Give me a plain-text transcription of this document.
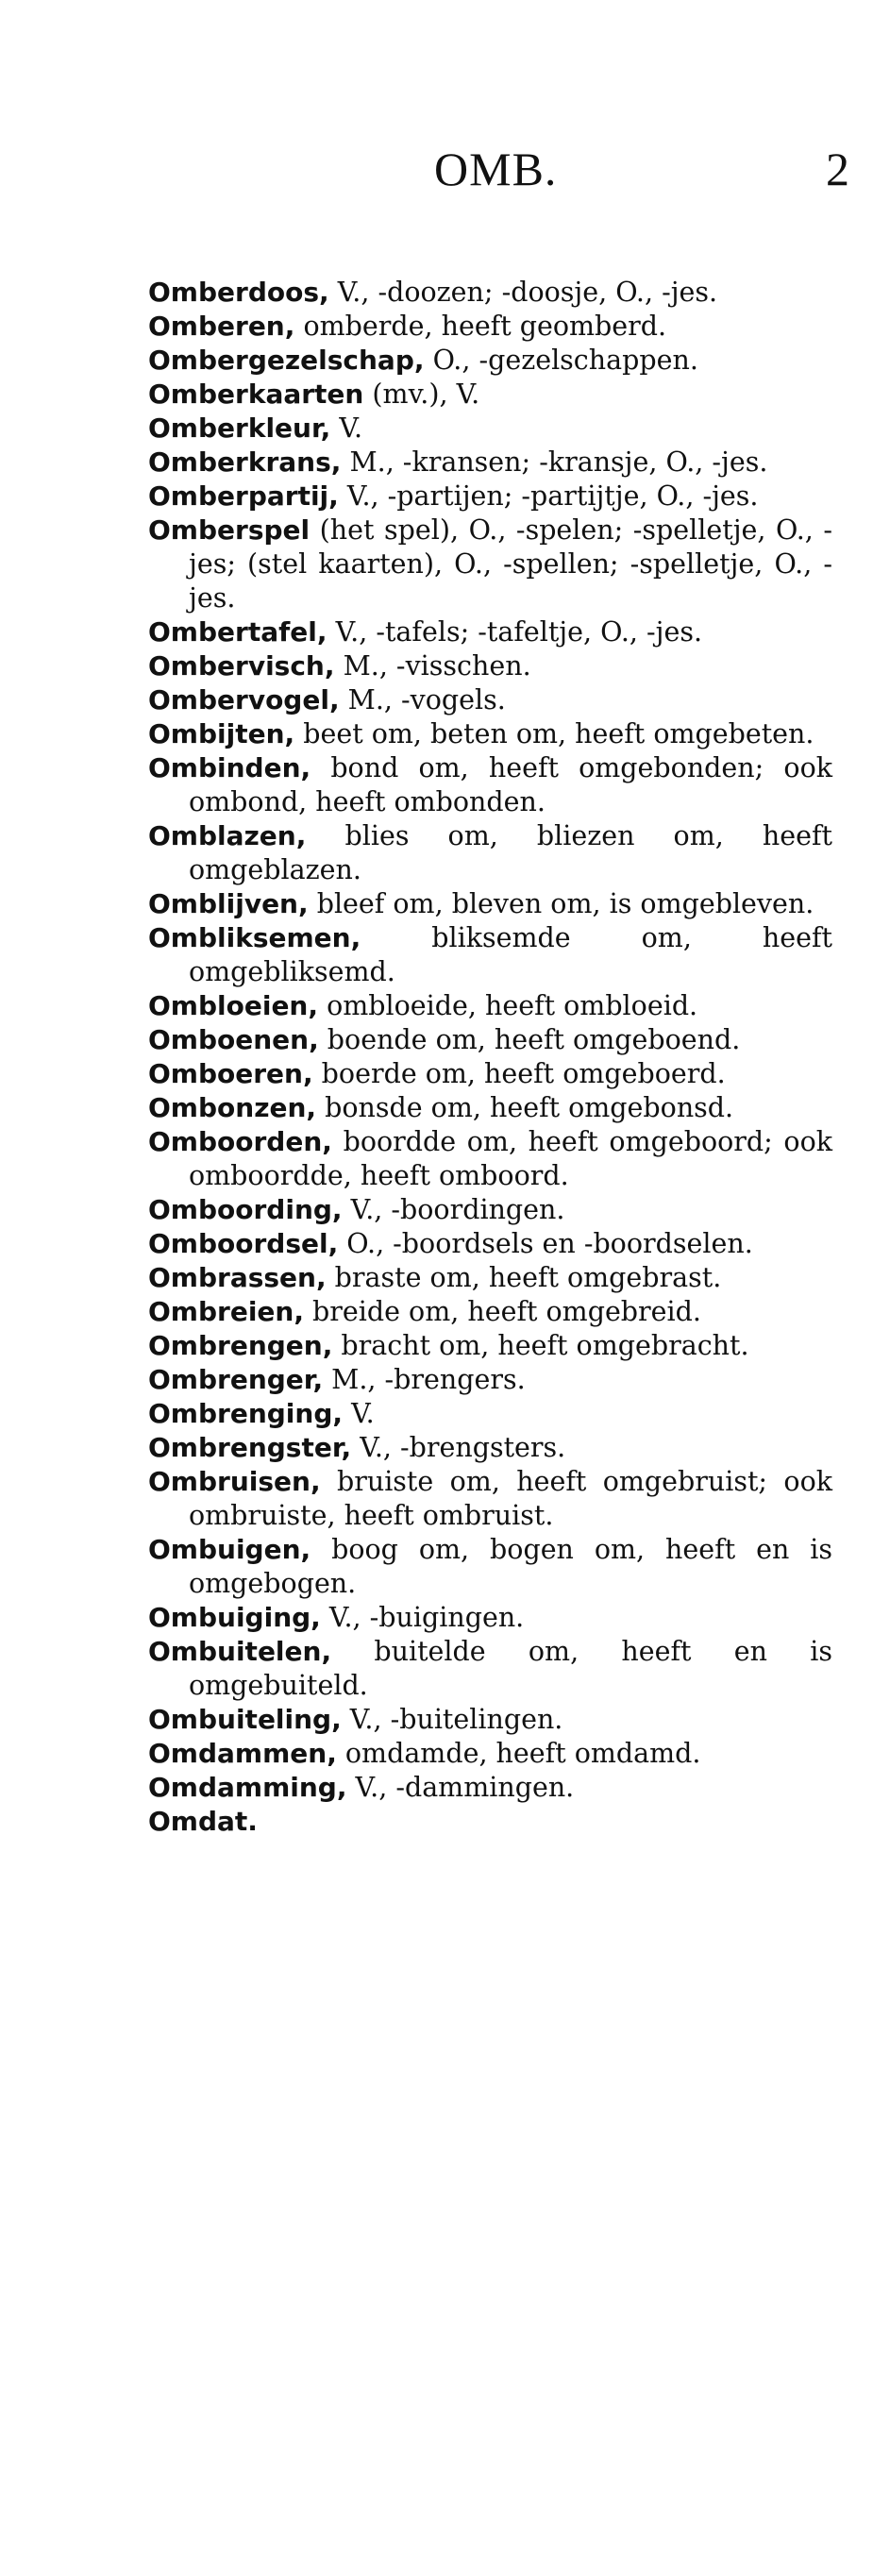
OMB.	2

Omberdoos, V., -doozen; -doosje, O., -jes.

Omberen, omberde, heeft geomberd.

Ombergezelschap, O., -gezelschappen.

Omberkaarten (mv.), V.

Omberkleur, V.

Omberkrans, M., -kransen; -kransje, O., -jes.

Omberpartij, V., -partijen; -partijtje, O., -jes.

Omberspel (het spel), O., -spelen; -spelletje, O., -jes; (stel kaarten), O., -spellen; -spelletje, O., -jes.

Ombertafel, V., -tafels; -tafeltje, O., -jes.

Ombervisch, M., -visschen.

Ombervogel, M., -vogels.

Ombijten, beet om, beten om, heeft omgebeten.

Ombinden, bond om, heeft omgebonden; ook ombond, heeft ombonden.

Omblazen, blies om, bliezen om, heeft omgeblazen.

Omblijven, bleef om, bleven om, is omgebleven.

Ombliksemen, bliksemde om, heeft omgebliksemd.

Ombloeien, ombloeide, heeft ombloeid.

Omboenen, boende om, heeft omgeboend.

Omboeren, boerde om, heeft omgeboerd.

Ombonzen, bonsde om, heeft omgebonsd.

Omboorden, boordde om, heeft omgeboord; ook omboordde, heeft omboord.

Omboording, V., -boordingen.

Omboordsel, O., -boordsels en -boordselen.

Ombrassen, braste om, heeft omgebrast.

Ombreien, breide om, heeft omgebreid.

Ombrengen, bracht om, heeft omgebracht.

Ombrenger, M., -brengers.

Ombrenging, V.

Ombrengster, V., -brengsters.

Ombruisen, bruiste om, heeft omgebruist; ook ombruiste, heeft ombruist.

Ombuigen, boog om, bogen om, heeft en is omgebogen.

Ombuiging, V., -buigingen.

Ombuitelen, buitelde om, heeft en is omgebuiteld.

Ombuiteling, V., -buitelingen.

Omdammen, omdamde, heeft omdamd.

Omdamming, V., -dammingen.

Omdat.
